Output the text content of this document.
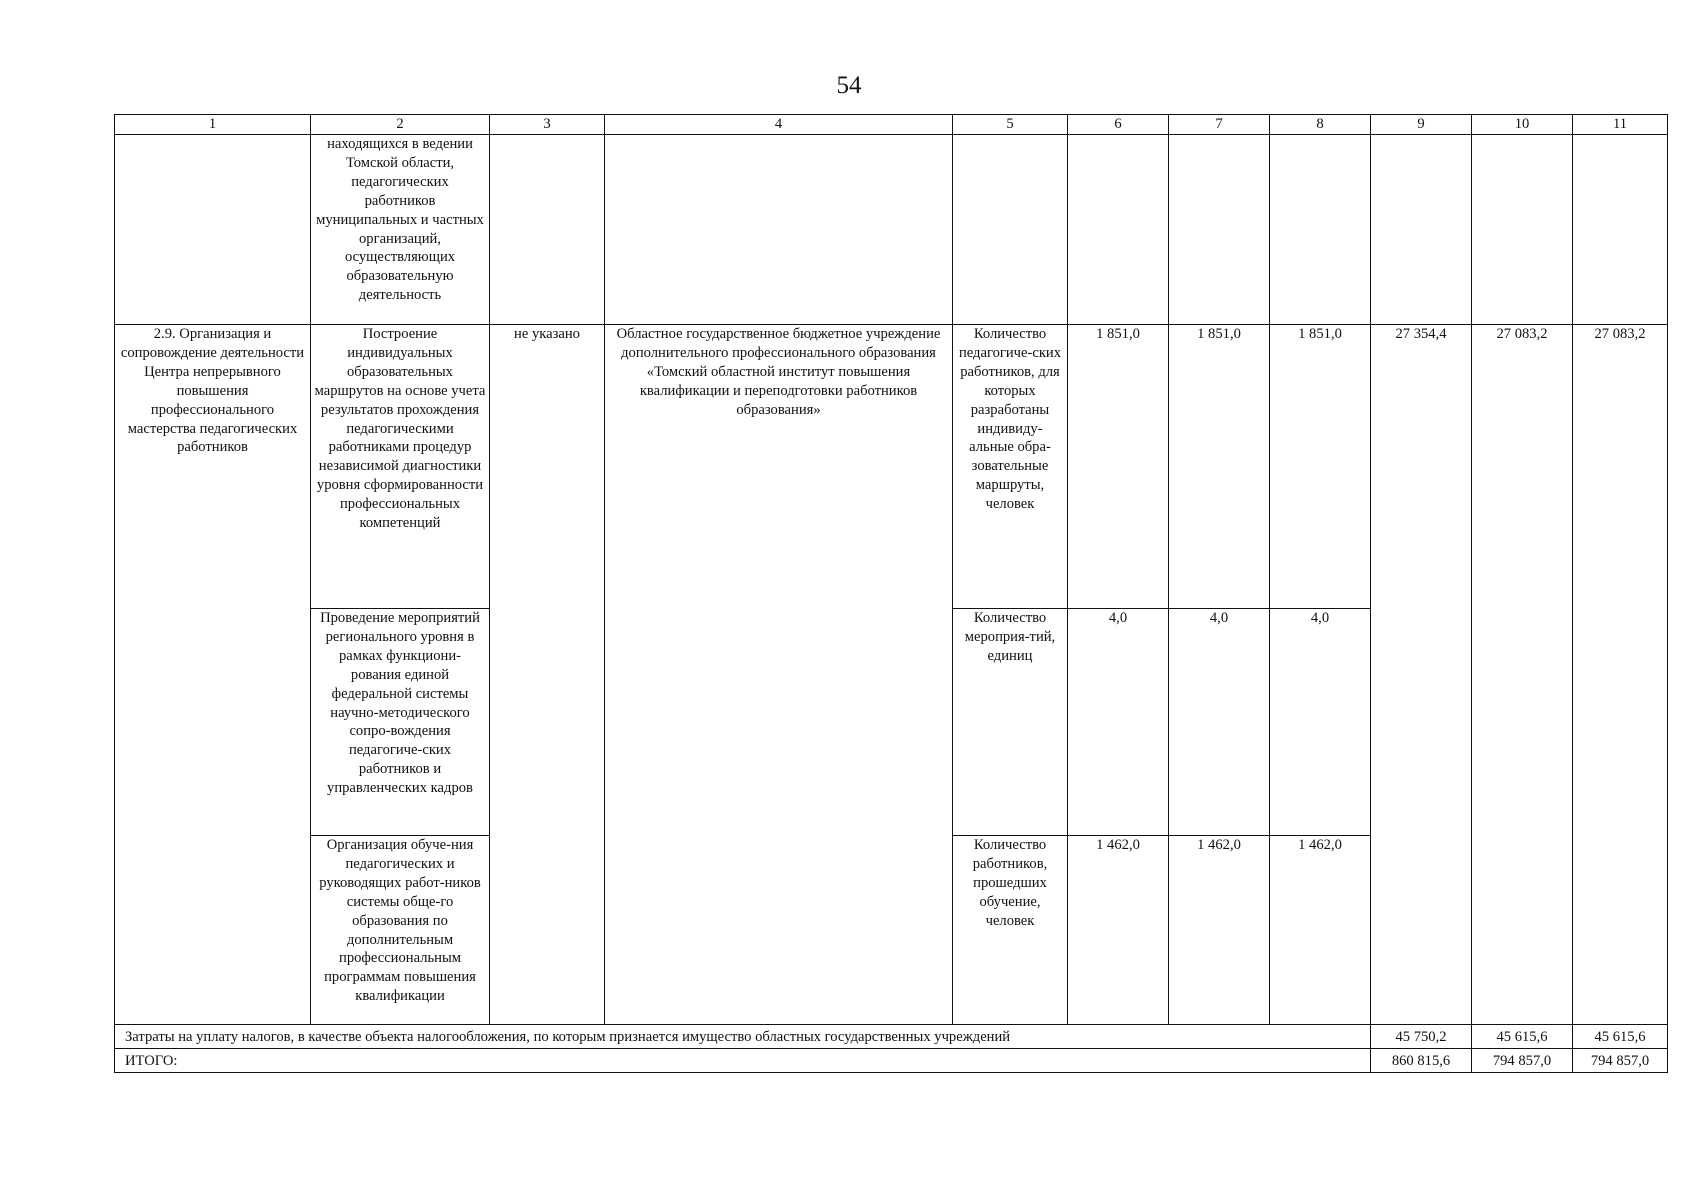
54
1	2	3	4	5	6	7	8	9	10	11
	находящихся в ведении Томской области, педагогических работников муниципальных и частных организаций, осуществляющих образовательную деятельность									
2.9. Организация и сопровождение деятельности Центра непрерывного повышения профессионального мастерства педагогических работников	Построение индивидуальных образовательных маршрутов на основе учета результатов прохождения педагогическими работниками процедур независимой диагностики уровня сформированности профессиональных компетенций	не указано	Областное государственное бюджетное учреждение дополнительного профессионального образования «Томский областной институт повышения квалификации и переподготовки работников образования»	Количество педагогиче-ских работников, для которых разработаны индивиду-альные обра-зовательные маршруты, человек	1 851,0	1 851,0	1 851,0	27 354,4	27 083,2	27 083,2
	Проведение мероприятий регионального уровня в рамках функциони-рования единой федеральной системы научно-методического сопро-вождения педагогиче-ских работников и управленческих кадров			Количество мероприя-тий, единиц	4,0	4,0	4,0			
	Организация обуче-ния педагогических и руководящих работ-ников системы обще-го образования по дополнительным профессиональным программам повышения квалификации			Количество работников, прошедших обучение, человек	1 462,0	1 462,0	1 462,0			
Затраты на уплату налогов, в качестве объекта налогообложения, по которым признается имущество областных государственных учреждений								45 750,2	45 615,6	45 615,6
ИТОГО:								860 815,6	794 857,0	794 857,0
